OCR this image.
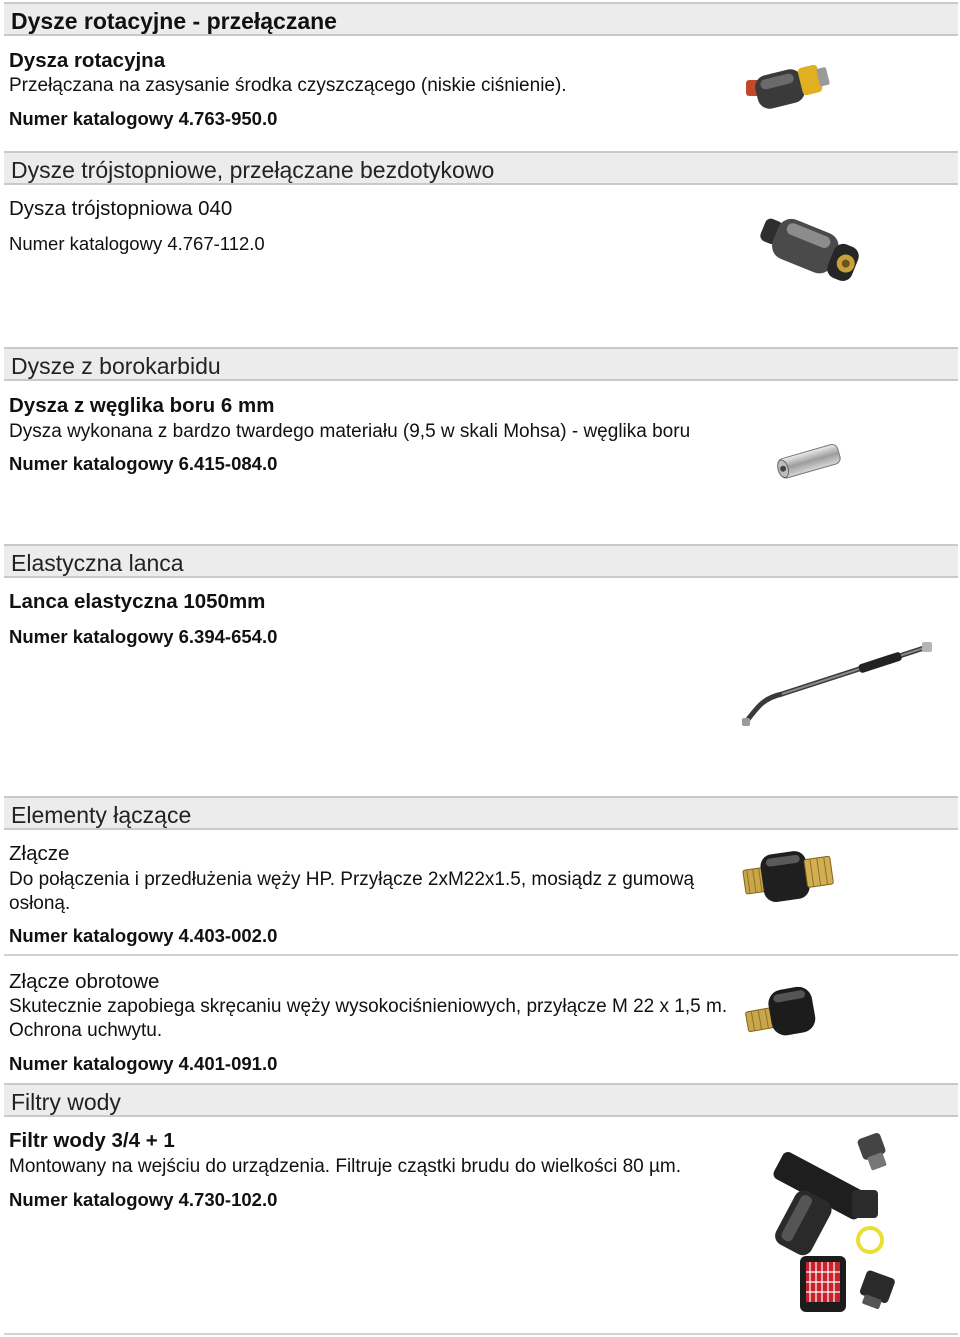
Dysze rotacyjne - przełączane
Dysza rotacyjna
Przełączana na zasysanie środka czyszczącego (niskie ciśnienie).
Numer katalogowy 4.763-950.0
Dysze trójstopniowe, przełączane bezdotykowo
Dysza trójstopniowa 040
Numer katalogowy 4.767-112.0
Dysze z borokarbidu
Dysza z węglika boru 6 mm
Dysza wykonana z bardzo twardego materiału (9,5 w skali Mohsa) - węglika boru
Numer katalogowy 6.415-084.0
Elastyczna lanca
Lanca elastyczna 1050mm
Numer katalogowy 6.394-654.0
Elementy łączące
Złącze
Do połączenia i przedłużenia węży HP. Przyłącze 2xM22x1.5, mosiądz z gumową osłoną.
Numer katalogowy 4.403-002.0
Złącze obrotowe
Skutecznie zapobiega skręcaniu węży wysokociśnieniowych, przyłącze M 22 x 1,5 m. Ochrona uchwytu.
Numer katalogowy 4.401-091.0
Filtry wody
Filtr wody 3/4 + 1
Montowany na wejściu do urządzenia. Filtruje cząstki brudu do wielkości 80 µm.
Numer katalogowy 4.730-102.0
